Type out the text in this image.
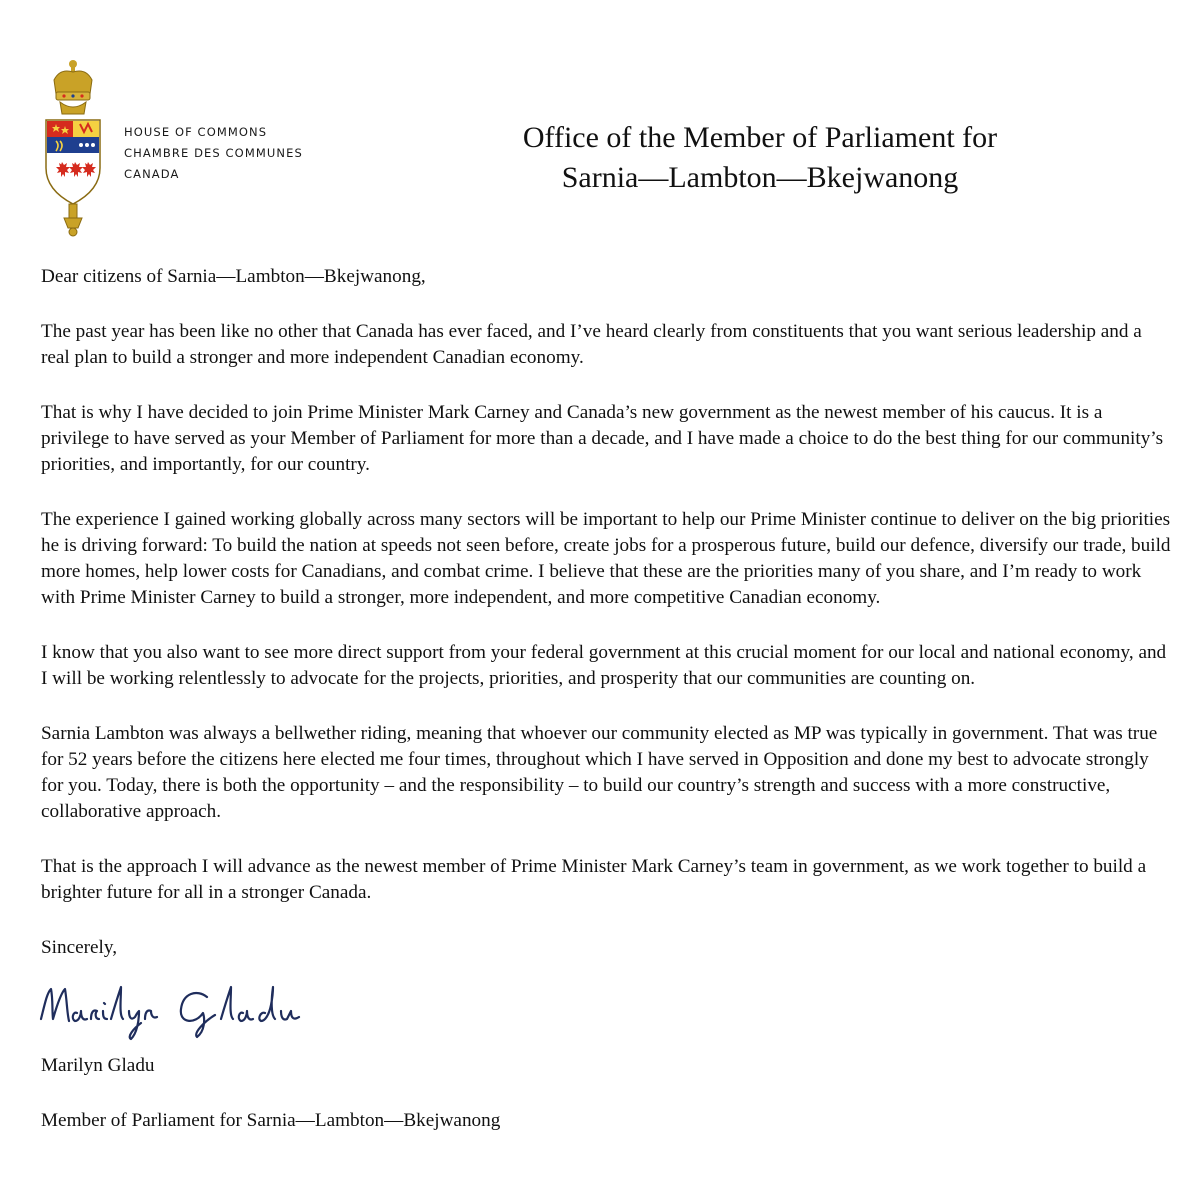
HOUSE OF COMMONS
CHAMBRE DES COMMUNES
CANADA
Office of the Member of Parliament for
Sarnia—Lambton—Bkejwanong

Dear citizens of Sarnia—Lambton—Bkejwanong,

The past year has been like no other that Canada has ever faced, and I’ve heard clearly from constituents that you want serious leadership and a real plan to build a stronger and more independent Canadian economy.

That is why I have decided to join Prime Minister Mark Carney and Canada’s new government as the newest member of his caucus. It is a privilege to have served as your Member of Parliament for more than a decade, and I have made a choice to do the best thing for our community’s priorities, and importantly, for our country.

The experience I gained working globally across many sectors will be important to help our Prime Minister continue to deliver on the big priorities he is driving forward: To build the nation at speeds not seen before, create jobs for a prosperous future, build our defence, diversify our trade, build more homes, help lower costs for Canadians, and combat crime. I believe that these are the priorities many of you share, and I’m ready to work with Prime Minister Carney to build a stronger, more independent, and more competitive Canadian economy.

I know that you also want to see more direct support from your federal government at this crucial moment for our local and national economy, and I will be working relentlessly to advocate for the projects, priorities, and prosperity that our communities are counting on.

Sarnia Lambton was always a bellwether riding, meaning that whoever our community elected as MP was typically in government. That was true for 52 years before the citizens here elected me four times, throughout which I have served in Opposition and done my best to advocate strongly for you. Today, there is both the opportunity – and the responsibility – to build our country’s strength and success with a more constructive, collaborative approach.

That is the approach I will advance as the newest member of Prime Minister Mark Carney’s team in government, as we work together to build a brighter future for all in a stronger Canada.

Sincerely,

Marilyn Gladu

Member of Parliament for Sarnia—Lambton—Bkejwanong
